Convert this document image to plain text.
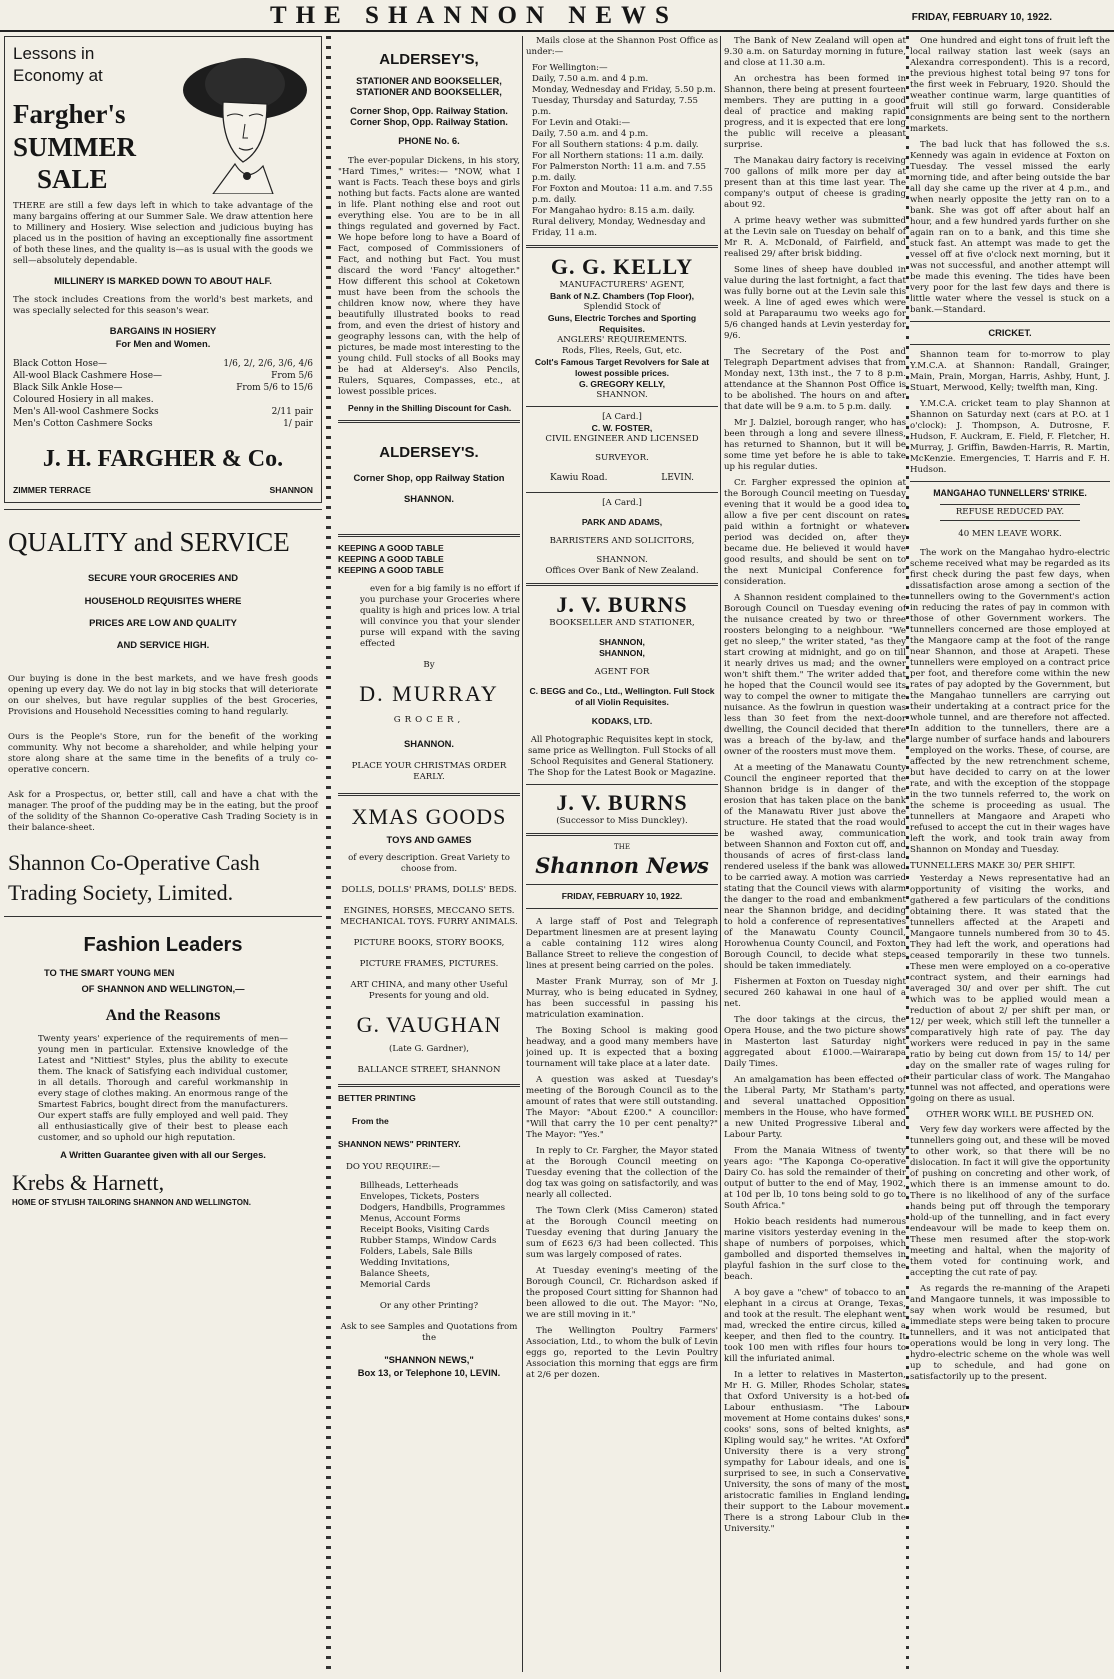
THE SHANNON NEWS	FRIDAY, FEBRUARY 10, 1922.
Lessons in Economy at
Fargher's
SUMMER
SALE

THERE are still a few days left in which to take advantage of the many bargains offering at our Summer Sale. We draw attention here to Millinery and Hosiery. Wise selection and judicious buying has placed us in the position of having an exceptionally fine assortment of both these lines, and the quality is—as is usual with the goods we sell—absolutely dependable.

MILLINERY IS MARKED DOWN TO ABOUT HALF.

The stock includes Creations from the world's best markets, and was specially selected for this season's wear.

BARGAINS IN HOSIERY
For Men and Women.
Black Cotton Hose—	1/6, 2/, 2/6, 3/6, 4/6
All-wool Black Cashmere Hose—	From 5/6
Black Silk Ankle Hose—	From 5/6 to 15/6
Coloured Hosiery in all makes.
Men's All-wool Cashmere Socks	2/11 pair
Men's Cotton Cashmere Socks	1/ pair
J. H. FARGHER & Co.
ZIMMER TERRACE	SHANNON
QUALITY and SERVICE
SECURE YOUR GROCERIES AND
HOUSEHOLD REQUISITES WHERE
PRICES ARE LOW AND QUALITY
AND SERVICE HIGH.

Our buying is done in the best markets, and we have fresh goods opening up every day. We do not lay in big stocks that will deteriorate on our shelves, but have regular supplies of the best Groceries, Provisions and Household Necessities coming to hand regularly.

Ours is the People's Store, run for the benefit of the working community. Why not become a shareholder, and while helping your store along share at the same time in the benefits of a truly co-operative concern.

Ask for a Prospectus, or, better still, call and have a chat with the manager. The proof of the pudding may be in the eating, but the proof of the solidity of the Shannon Co-operative Cash Trading Society is in their balance-sheet.

Shannon Co-Operative Cash
Trading Society, Limited.
Fashion Leaders
TO THE SMART YOUNG MEN
OF SHANNON AND WELLINGTON,—
And the Reasons

Twenty years' experience of the requirements of men—young men in particular. Extensive knowledge of the Latest and "Nittiest" Styles, plus the ability to execute them. The knack of Satisfying each individual customer, in all details. Thorough and careful workmanship in every stage of clothes making. An enormous range of the Smartest Fabrics, bought direct from the manufacturers. Our expert staffs are fully employed and well paid. They all enthusiastically give of their best to please each customer, and so uphold our high reputation.

A Written Guarantee given with all our Serges.
Krebs & Harnett,
HOME OF STYLISH TAILORING SHANNON AND WELLINGTON.
ALDERSEY'S,
STATIONER AND BOOKSELLER,
STATIONER AND BOOKSELLER,
Corner Shop, Opp. Railway Station.
Corner Shop, Opp. Railway Station.
PHONE No. 6.

The ever-popular Dickens, in his story, "Hard Times," writes:— "NOW, what I want is Facts. Teach these boys and girls nothing but facts. Facts alone are wanted in life. Plant nothing else and root out everything else. You are to be in all things regulated and governed by Fact. We hope before long to have a Board of Fact, composed of Commissioners of Fact, and nothing but Fact. You must discard the word 'Fancy' altogether." How different this school at Coketown must have been from the schools the children know now, where they have beautifully illustrated books to read from, and even the driest of history and geography lessons can, with the help of pictures, be made most interesting to the young child. Full stocks of all Books may be had at Aldersey's. Also Pencils, Rulers, Squares, Compasses, etc., at lowest possible prices.

Penny in the Shilling Discount for Cash.

ALDERSEY'S.
Corner Shop, opp Railway Station
SHANNON.
KEEPING A GOOD TABLE
KEEPING A GOOD TABLE
KEEPING A GOOD TABLE

even for a big family is no effort if you purchase your Groceries where quality is high and prices low. A trial will convince you that your slender purse will expand with the saving effected

By
D. MURRAY
GROCER,
SHANNON.
PLACE YOUR CHRISTMAS ORDER EARLY.
XMAS GOODS
TOYS AND GAMES
of every description. Great Variety to choose from.
DOLLS, DOLLS' PRAMS, DOLLS' BEDS.
ENGINES, HORSES, MECCANO SETS. MECHANICAL TOYS. FURRY ANIMALS.
PICTURE BOOKS, STORY BOOKS,
PICTURE FRAMES, PICTURES.
ART CHINA, and many other Useful Presents for young and old.
G. VAUGHAN
(Late G. Gardner),
BALLANCE STREET, SHANNON
BETTER PRINTING
From the
SHANNON NEWS" PRINTERY.
DO YOU REQUIRE:—
Billheads, Letterheads
Envelopes, Tickets, Posters
Dodgers, Handbills, Programmes
Menus, Account Forms
Receipt Books, Visiting Cards
Rubber Stamps, Window Cards
Folders, Labels, Sale Bills
Wedding Invitations,
Balance Sheets,
Memorial Cards
Or any other Printing?
Ask to see Samples and Quotations from the
"SHANNON NEWS,"
Box 13, or Telephone 10, LEVIN.

Mails close at the Shannon Post Office as under:—

For Wellington:—
Daily, 7.50 a.m. and 4 p.m.
Monday, Wednesday and Friday, 5.50 p.m.
Tuesday, Thursday and Saturday, 7.55 p.m.
For Levin and Otaki:—
Daily, 7.50 a.m. and 4 p.m.
For all Southern stations: 4 p.m. daily.
For all Northern stations: 11 a.m. daily.
For Palmerston North: 11 a.m. and 7.55 p.m. daily.
For Foxton and Moutoa: 11 a.m. and 7.55 p.m. daily.
For Mangahao hydro: 8.15 a.m. daily.
Rural delivery, Monday, Wednesday and Friday, 11 a.m.
G. G. KELLY
MANUFACTURERS' AGENT,
Bank of N.Z. Chambers (Top Floor),
Splendid Stock of
Guns, Electric Torches and Sporting Requisites.
ANGLERS' REQUIREMENTS.
Rods, Flies, Reels, Gut, etc.
Colt's Famous Target Revolvers for Sale at lowest possible prices.
G. GREGORY KELLY,
SHANNON.
[A Card.]
C. W. FOSTER,
CIVIL ENGINEER AND LICENSED
SURVEYOR.
Kawiu Road.	LEVIN.
[A Card.]
PARK AND ADAMS,
BARRISTERS AND SOLICITORS,
SHANNON.
Offices Over Bank of New Zealand.
J. V. BURNS
BOOKSELLER AND STATIONER,
SHANNON,
SHANNON,
AGENT FOR
C. BEGG and Co., Ltd., Wellington. Full Stock of all Violin Requisites.
KODAKS, LTD.
All Photographic Requisites kept in stock, same price as Wellington. Full Stocks of all School Requisites and General Stationery. The Shop for the Latest Book or Magazine.
J. V. BURNS
(Successor to Miss Dunckley).
THE
Shannon News
FRIDAY, FEBRUARY 10, 1922.

A large staff of Post and Telegraph Department linesmen are at present laying a cable containing 112 wires along Ballance Street to relieve the congestion of lines at present being carried on the poles.

Master Frank Murray, son of Mr J. Murray, who is being educated in Sydney, has been successful in passing his matriculation examination.

The Boxing School is making good headway, and a good many members have joined up. It is expected that a boxing tournament will take place at a later date.

A question was asked at Tuesday's meeting of the Borough Council as to the amount of rates that were still outstanding. The Mayor: "About £200." A councillor: "Will that carry the 10 per cent penalty?" The Mayor: "Yes."

In reply to Cr. Fargher, the Mayor stated at the Borough Council meeting on Tuesday evening that the collection of the dog tax was going on satisfactorily, and was nearly all collected.

The Town Clerk (Miss Cameron) stated at the Borough Council meeting on Tuesday evening that during January the sum of £623 6/3 had been collected. This sum was largely composed of rates.

At Tuesday evening's meeting of the Borough Council, Cr. Richardson asked if the proposed Court sitting for Shannon had been allowed to die out. The Mayor: "No, we are still moving in it."

The Wellington Poultry Farmers' Association, Ltd., to whom the bulk of Levin eggs go, reported to the Levin Poultry Association this morning that eggs are firm at 2/6 per dozen.

The Bank of New Zealand will open at 9.30 a.m. on Saturday morning in future, and close at 11.30 a.m.

An orchestra has been formed in Shannon, there being at present fourteen members. They are putting in a good deal of practice and making rapid progress, and it is expected that ere long the public will receive a pleasant surprise.

The Manakau dairy factory is receiving 700 gallons of milk more per day at present than at this time last year. The company's output of cheese is grading about 92.

A prime heavy wether was submitted at the Levin sale on Tuesday on behalf of Mr R. A. McDonald, of Fairfield, and realised 29/ after brisk bidding.

Some lines of sheep have doubled in value during the last fortnight, a fact that was fully borne out at the Levin sale this week. A line of aged ewes which were sold at Paraparaumu two weeks ago for 5/6 changed hands at Levin yesterday for 9/6.

The Secretary of the Post and Telegraph Department advises that from Monday next, 13th inst., the 7 to 8 p.m. attendance at the Shannon Post Office is to be abolished. The hours on and after that date will be 9 a.m. to 5 p.m. daily.

Mr J. Dalziel, borough ranger, who has been through a long and severe illness, has returned to Shannon, but it will be some time yet before he is able to take up his regular duties.

Cr. Fargher expressed the opinion at the Borough Council meeting on Tuesday evening that it would be a good idea to allow a five per cent discount on rates paid within a fortnight or whatever period was decided on, after they became due. He believed it would have good results, and should be sent on to the next Municipal Conference for consideration.

A Shannon resident complained to the Borough Council on Tuesday evening of the nuisance created by two or three roosters belonging to a neighbour. "We get no sleep," the writer stated, "as they start crowing at midnight, and go on till it nearly drives us mad; and the owner won't shift them." The writer added that he hoped that the Council would see its way to compel the owner to mitigate the nuisance. As the fowlrun in question was less than 30 feet from the next-door dwelling, the Council decided that there was a breach of the by-law, and the owner of the roosters must move them.

At a meeting of the Manawatu County Council the engineer reported that the Shannon bridge is in danger of the erosion that has taken place on the bank of the Manawatu River just above the structure. He stated that the road would be washed away, communication between Shannon and Foxton cut off, and thousands of acres of first-class land rendered useless if the bank was allowed to be carried away. A motion was carried stating that the Council views with alarm the danger to the road and embankment near the Shannon bridge, and deciding to hold a conference of representatives of the Manawatu County Council, Horowhenua County Council, and Foxton Borough Council, to decide what steps should be taken immediately.

Fishermen at Foxton on Tuesday night secured 260 kahawai in one haul of a net.

The door takings at the circus, the Opera House, and the two picture shows in Masterton last Saturday night aggregated about £1000.—Wairarapa Daily Times.

An amalgamation has been effected of the Liberal Party, Mr Statham's party, and several unattached Opposition members in the House, who have formed a new United Progressive Liberal and Labour Party.

From the Manaia Witness of twenty years ago: "The Kaponga Co-operative Dairy Co. has sold the remainder of their output of butter to the end of May, 1902, at 10d per lb, 10 tons being sold to go to South Africa."

Hokio beach residents had numerous marine visitors yesterday evening in the shape of numbers of porpoises, which gambolled and disported themselves in playful fashion in the surf close to the beach.

A boy gave a "chew" of tobacco to an elephant in a circus at Orange, Texas, and took at the result. The elephant went mad, wrecked the entire circus, killed a keeper, and then fled to the country. It took 100 men with rifles four hours to kill the infuriated animal.

In a letter to relatives in Masterton, Mr H. G. Miller, Rhodes Scholar, states that Oxford University is a hot-bed of Labour enthusiasm. "The Labour movement at Home contains dukes' sons, cooks' sons, sons of belted knights, as Kipling would say," he writes. "At Oxford University there is a very strong sympathy for Labour ideals, and one is surprised to see, in such a Conservative University, the sons of many of the most aristocratic families in England lending their support to the Labour movement. There is a strong Labour Club in the University."

One hundred and eight tons of fruit left the local railway station last week (says an Alexandra correspondent). This is a record, the previous highest total being 97 tons for the first week in February, 1920. Should the weather continue warm, large quantities of fruit will still go forward. Considerable consignments are being sent to the northern markets.

The bad luck that has followed the s.s. Kennedy was again in evidence at Foxton on Tuesday. The vessel missed the early morning tide, and after being outside the bar all day she came up the river at 4 p.m., and when nearly opposite the jetty ran on to a bank. She was got off after about half an hour, and a few hundred yards further on she again ran on to a bank, and this time she stuck fast. An attempt was made to get the vessel off at five o'clock next morning, but it was not successful, and another attempt will be made this evening. The tides have been very poor for the last few days and there is little water where the vessel is stuck on a bank.—Standard.

CRICKET.

Shannon team for to-morrow to play Y.M.C.A. at Shannon: Randall, Grainger, Main, Prain, Morgan, Harris, Ashby, Hunt, J. Stuart, Merwood, Kelly; twelfth man, King.

Y.M.C.A. cricket team to play Shannon at Shannon on Saturday next (cars at P.O. at 1 o'clock): J. Thompson, A. Dutrosne, F. Hudson, F. Auckram, E. Field, F. Fletcher, H. Murray, J. Griffin, Bawden-Harris, R. Martin, McKenzie. Emergencies, T. Harris and F. H. Hudson.

MANGAHAO TUNNELLERS' STRIKE.
REFUSE REDUCED PAY.
40 MEN LEAVE WORK.

The work on the Mangahao hydro-electric scheme received what may be regarded as its first check during the past few days, when dissatisfaction arose among a section of the tunnellers owing to the Government's action in reducing the rates of pay in common with those of other Government workers. The tunnellers concerned are those employed at the Mangaore camp at the foot of the range near Shannon, and those at Arapeti. These tunnellers were employed on a contract price per foot, and therefore come within the new rates of pay adopted by the Government, but the Mangahao tunnellers are carrying out their undertaking at a contract price for the whole tunnel, and are therefore not affected. In addition to the tunnellers, there are a large number of surface hands and labourers employed on the works. These, of course, are affected by the new retrenchment scheme, but have decided to carry on at the lower rate, and with the exception of the stoppage in the two tunnels referred to, the work on the scheme is proceeding as usual. The tunnellers at Mangaore and Arapeti who refused to accept the cut in their wages have left the work, and took train away from Shannon on Monday and Tuesday.

TUNNELLERS MAKE 30/ PER SHIFT.

Yesterday a News representative had an opportunity of visiting the works, and gathered a few particulars of the conditions obtaining there. It was stated that the tunnellers affected at the Arapeti and Mangaore tunnels numbered from 30 to 45. They had left the work, and operations had ceased temporarily in these two tunnels. These men were employed on a co-operative contract system, and their earnings had averaged 30/ and over per shift. The cut which was to be applied would mean a reduction of about 2/ per shift per man, or 12/ per week, which still left the tunneller a comparatively high rate of pay. The day workers were reduced in pay in the same ratio by being cut down from 15/ to 14/ per day on the smaller rate of wages ruling for their particular class of work. The Mangahao tunnel was not affected, and operations were going on there as usual.

OTHER WORK WILL BE PUSHED ON.

Very few day workers were affected by the tunnellers going out, and these will be moved to other work, so that there will be no dislocation. In fact it will give the opportunity of pushing on concreting and other work, of which there is an immense amount to do. There is no likelihood of any of the surface hands being put off through the temporary hold-up of the tunnelling, and in fact every endeavour will be made to keep them on. These men resumed after the stop-work meeting and haltal, when the majority of them voted for continuing work, and accepting the cut rate of pay.

As regards the re-manning of the Arapeti and Mangaore tunnels, it was impossible to say when work would be resumed, but immediate steps were being taken to procure tunnellers, and it was not anticipated that operations would be long in very long. The hydro-electric scheme on the whole was well up to schedule, and had gone on satisfactorily up to the present.
